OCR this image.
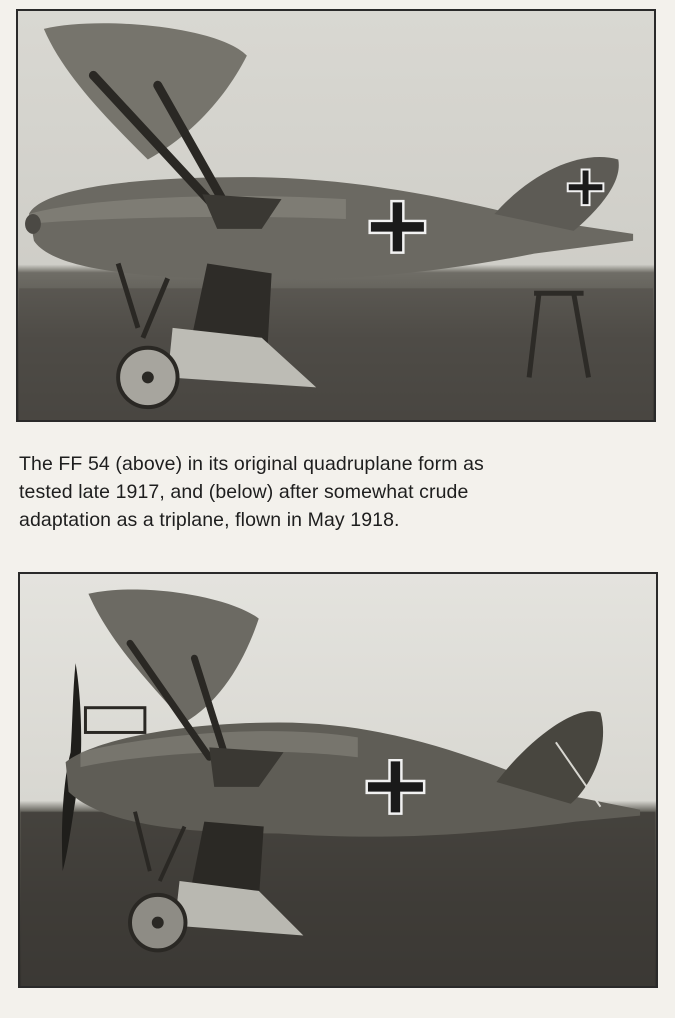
The FF 54 (above) in its original quadruplane form as
tested late 1917, and (below) after somewhat crude
adaptation as a triplane, flown in May 1918.
